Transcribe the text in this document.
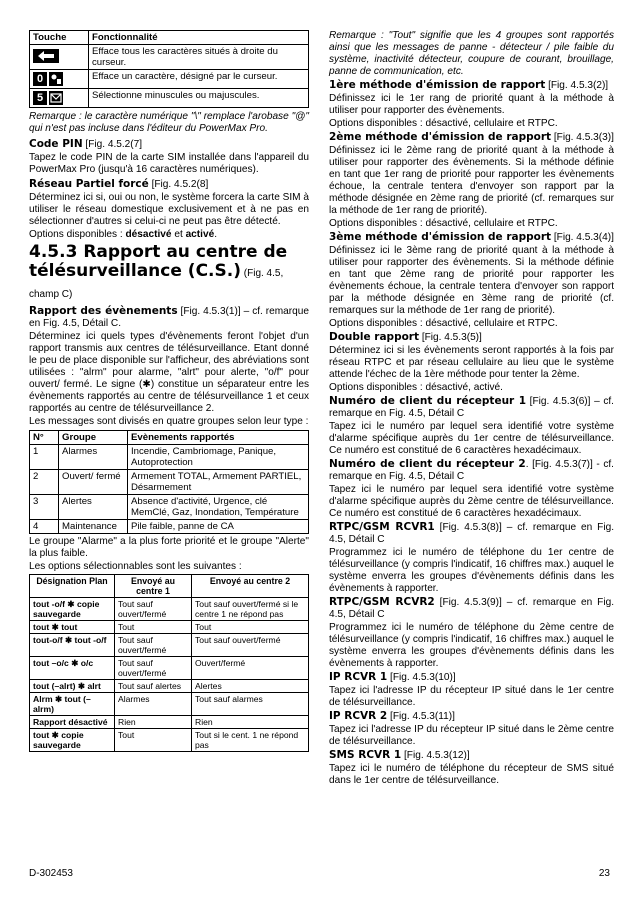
Touche	Fonctionnalité

	Efface tous les caractères situés à droite du curseur.

0	Efface un caractère, désigné par le curseur.

5	Sélectionne minuscules ou majuscules.

Remarque : le caractère numérique "\" remplace l'arobase "@" qui n'est pas incluse dans l'éditeur du PowerMax Pro.

Code PIN [Fig. 4.5.2(7]

Tapez le code PIN de la carte SIM installée dans l'appareil du PowerMax Pro (jusqu'à 16 caractères numériques).

Réseau Partiel forcé [Fig. 4.5.2(8]

Déterminez ici si, oui ou non, le système forcera la carte SIM à utiliser le réseau domestique exclusivement et à ne pas en sélectionner d'autres si celui-ci ne peut pas être détecté.

Options disponibles : désactivé et activé.

4.5.3 Rapport au centre de télésurveillance (C.S.) (Fig. 4.5, champ C)

Rapport des évènements [Fig. 4.5.3(1)] – cf. remarque en Fig. 4.5, Détail C.

Déterminez ici quels types d'évènements feront l'objet d'un rapport transmis aux centres de télésurveillance. Etant donné le peu de place disponible sur l'afficheur, des abréviations sont utilisées : "alrm" pour alarme, "alrt" pour alerte, "o/f" pour ouvert/ fermé. Le signe (✱) constitue un séparateur entre les évènements rapportés au centre de télésurveillance 1 et ceux rapportés au centre de télésurveillance 2.

Les messages sont divisés en quatre groupes selon leur type :

N°	Groupe	Evènements rapportés
1	Alarmes	Incendie, Cambriomage, Panique, Autoprotection
2	Ouvert/ fermé	Armement TOTAL, Armement PARTIEL, Désarmement
3	Alertes	Absence d'activité, Urgence, clé MemClé, Gaz, Inondation, Température
4	Maintenance	Pile faible, panne de CA

Le groupe "Alarme" a la plus forte priorité et le groupe "Alerte" la plus faible.

Les options sélectionnables sont les suivantes :

Désignation Plan	Envoyé au centre 1	Envoyé au centre 2
tout -o/f ✱ copie sauvegarde	Tout sauf ouvert/fermé	Tout sauf ouvert/fermé si le centre 1 ne répond pas
tout ✱ tout	Tout	Tout
tout-o/f ✱ tout -o/f	Tout sauf ouvert/fermé	Tout sauf ouvert/fermé
tout –o/c ✱ o/c	Tout sauf ouvert/fermé	Ouvert/fermé
tout (–alrt) ✱ alrt	Tout sauf alertes	Alertes
Alrm ✱ tout (–alrm)	Alarmes	Tout sauf alarmes
Rapport désactivé	Rien	Rien
tout ✱ copie sauvegarde	Tout	Tout si le cent. 1 ne répond pas

Remarque : "Tout" signifie que les 4 groupes sont rapportés ainsi que les messages de panne - détecteur / pile faible du système, inactivité détecteur, coupure de courant, brouillage, panne de communication, etc.

1ère méthode d'émission de rapport [Fig. 4.5.3(2)]

Définissez ici le 1er rang de priorité quant à la méthode à utiliser pour rapporter des évènements.

Options disponibles : désactivé, cellulaire et RTPC.

2ème méthode d'émission de rapport [Fig. 4.5.3(3)]

Définissez ici le 2ème rang de priorité quant à la méthode à utiliser pour rapporter des évènements. Si la méthode définie en tant que 1er rang de priorité pour rapporter les évènements échoue, la centrale tentera d'envoyer son rapport par la méthode désignée en 2ème rang de priorité (cf. remarques sur la méthode de 1er rang de priorité).

Options disponibles : désactivé, cellulaire et RTPC.

3ème méthode d'émission de rapport [Fig. 4.5.3(4)]

Définissez ici le 3ème rang de priorité quant à la méthode à utiliser pour rapporter des évènements. Si la méthode définie en tant que 2ème rang de priorité pour rapporter les évènements échoue, la centrale tentera d'envoyer son rapport par la méthode désignée en 3ème rang de priorité (cf. remarques sur la méthode de 1er rang de priorité).

Options disponibles : désactivé, cellulaire et RTPC.

Double rapport [Fig. 4.5.3(5)]

Déterminez ici si les évènements seront rapportés à la fois par réseau RTPC et par réseau cellulaire au lieu que le système attende l'échec de la 1ère méthode pour tenter la 2ème.

Options disponibles : désactivé, activé.

Numéro de client du récepteur 1 [Fig. 4.5.3(6)] – cf. remarque en Fig. 4.5, Détail C

Tapez ici le numéro par lequel sera identifié votre système d'alarme spécifique auprès du 1er centre de télésurveillance. Ce numéro est constitué de 6 caractères hexadécimaux.

Numéro de client du récepteur 2. [Fig. 4.5.3(7)] - cf. remarque en Fig. 4.5, Détail C

Tapez ici le numéro par lequel sera identifié votre système d'alarme spécifique auprès du 2ème centre de télésurveillance. Ce numéro est constitué de 6 caractères hexadécimaux.

RTPC/GSM RCVR1 [Fig. 4.5.3(8)] – cf. remarque en Fig. 4.5, Détail C

Programmez ici le numéro de téléphone du 1er centre de télésurveillance (y compris l'indicatif, 16 chiffres max.) auquel le système enverra les groupes d'évènements définis dans les évènements à rapporter.

RTPC/GSM RCVR2 [Fig. 4.5.3(9)] – cf. remarque en Fig. 4.5, Détail C

Programmez ici le numéro de téléphone du 2ème centre de télésurveillance (y compris l'indicatif, 16 chiffres max.) auquel le système enverra les groupes d'évènements définis dans les évènements à rapporter.

IP RCVR 1 [Fig. 4.5.3(10)]

Tapez ici l'adresse IP du récepteur IP situé dans le 1er centre de télésurveillance.

IP RCVR 2 [Fig. 4.5.3(11)]

Tapez ici l'adresse IP du récepteur IP situé dans le 2ème centre de télésurveillance.

SMS RCVR 1 [Fig. 4.5.3(12)]

Tapez ici le numéro de téléphone du récepteur de SMS situé dans le 1er centre de télésurveillance.

D-302453	23
